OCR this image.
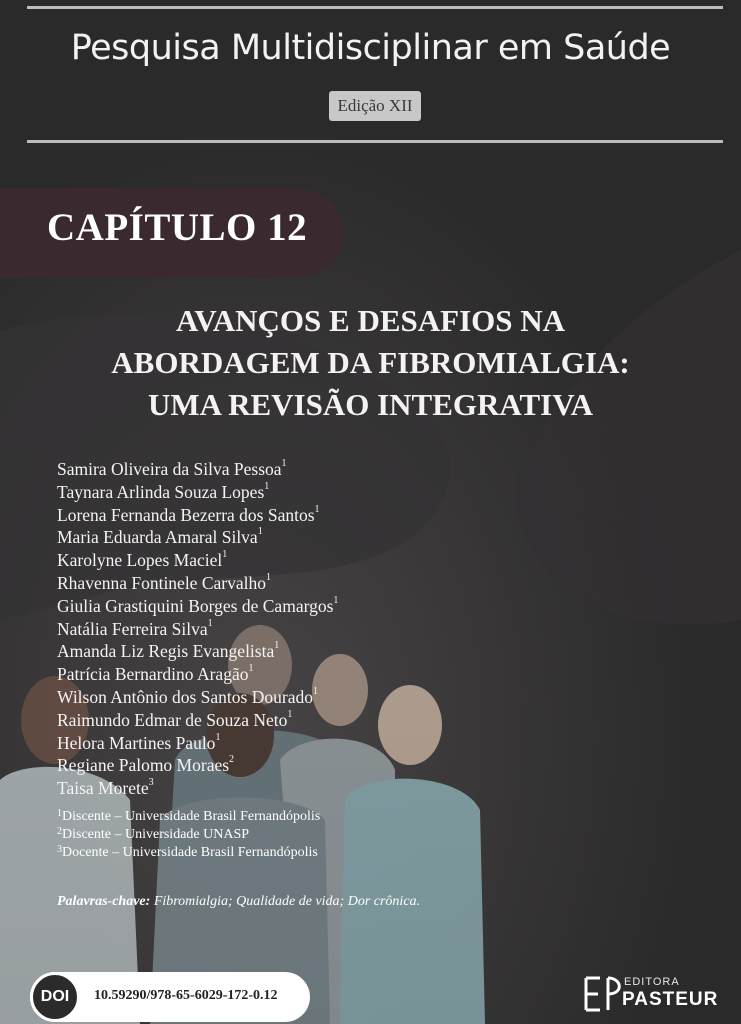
Pesquisa Multidisciplinar em Saúde
Edição XII
CAPÍTULO 12
AVANÇOS E DESAFIOS NA
ABORDAGEM DA FIBROMIALGIA:
UMA REVISÃO INTEGRATIVA
Samira Oliveira da Silva Pessoa$^1$
Taynara Arlinda Souza Lopes$^1$
Lorena Fernanda Bezerra dos Santos$^1$
Maria Eduarda Amaral Silva$^1$
Karolyne Lopes Maciel$^1$
Rhavenna Fontinele Carvalho$^1$
Giulia Grastiquini Borges de Camargos$^1$
Natália Ferreira Silva$^1$
Amanda Liz Regis Evangelista$^1$
Patrícia Bernardino Aragão$^1$
Wilson Antônio dos Santos Dourado$^1$
Raimundo Edmar de Souza Neto$^1$
Helora Martines Paulo$^1$
Regiane Palomo Moraes$^2$
Taisa Morete$^3$
$^1$Discente – Universidade Brasil Fernandópolis
$^2$Discente – Universidade UNASP
$^3$Docente – Universidade Brasil Fernandópolis
Palavras-chave: Fibromialgia; Qualidade de vida; Dor crônica.
DOI	10.59290/978-65-6029-172-0.12
EDITORA
PASTEUR
